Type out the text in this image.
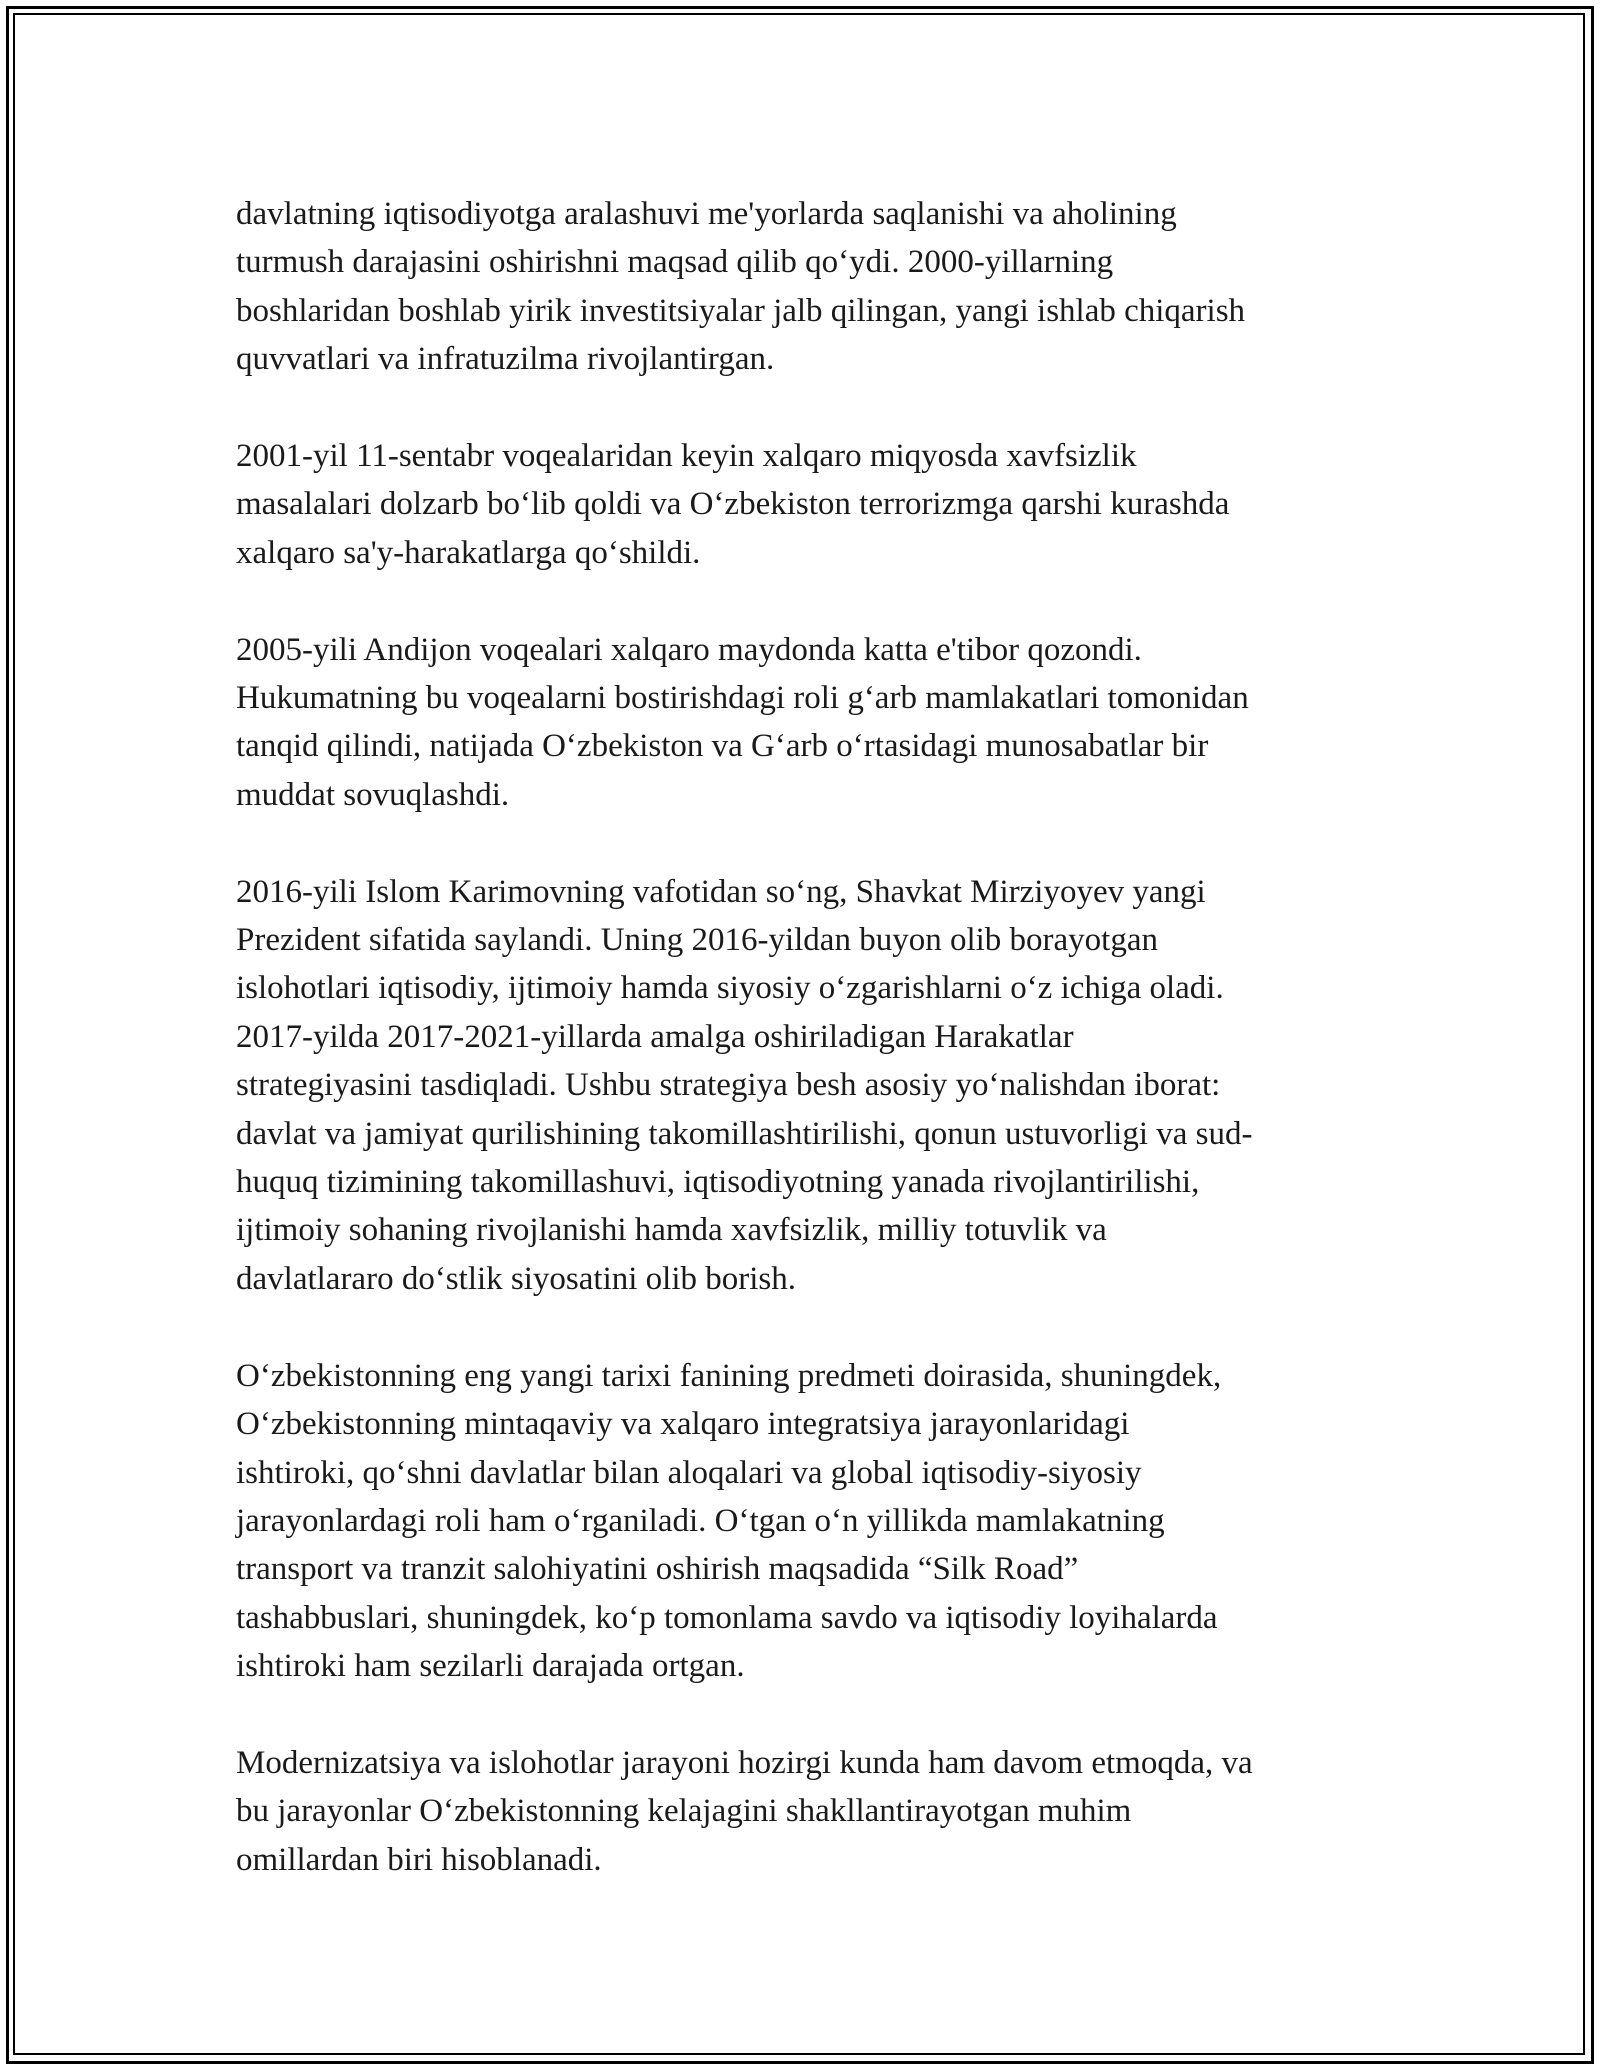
davlatning iqtisodiyotga aralashuvi me'yorlarda saqlanishi va aholining
turmush darajasini oshirishni maqsad qilib qo‘ydi. 2000-yillarning
boshlaridan boshlab yirik investitsiyalar jalb qilingan, yangi ishlab chiqarish
quvvatlari va infratuzilma rivojlantirgan.

2001-yil 11-sentabr voqealaridan keyin xalqaro miqyosda xavfsizlik
masalalari dolzarb bo‘lib qoldi va O‘zbekiston terrorizmga qarshi kurashda
xalqaro sa'y-harakatlarga qo‘shildi.

2005-yili Andijon voqealari xalqaro maydonda katta e'tibor qozondi.
Hukumatning bu voqealarni bostirishdagi roli g‘arb mamlakatlari tomonidan
tanqid qilindi, natijada O‘zbekiston va G‘arb o‘rtasidagi munosabatlar bir
muddat sovuqlashdi.

2016-yili Islom Karimovning vafotidan so‘ng, Shavkat Mirziyoyev yangi
Prezident sifatida saylandi. Uning 2016-yildan buyon olib borayotgan
islohotlari iqtisodiy, ijtimoiy hamda siyosiy o‘zgarishlarni o‘z ichiga oladi.
2017-yilda 2017-2021-yillarda amalga oshiriladigan Harakatlar
strategiyasini tasdiqladi. Ushbu strategiya besh asosiy yo‘nalishdan iborat:
davlat va jamiyat qurilishining takomillashtirilishi, qonun ustuvorligi va sud-
huquq tizimining takomillashuvi, iqtisodiyotning yanada rivojlantirilishi,
ijtimoiy sohaning rivojlanishi hamda xavfsizlik, milliy totuvlik va
davlatlararo do‘stlik siyosatini olib borish.

O‘zbekistonning eng yangi tarixi fanining predmeti doirasida, shuningdek,
O‘zbekistonning mintaqaviy va xalqaro integratsiya jarayonlaridagi
ishtiroki, qo‘shni davlatlar bilan aloqalari va global iqtisodiy-siyosiy
jarayonlardagi roli ham o‘rganiladi. O‘tgan o‘n yillikda mamlakatning
transport va tranzit salohiyatini oshirish maqsadida “Silk Road”
tashabbuslari, shuningdek, ko‘p tomonlama savdo va iqtisodiy loyihalarda
ishtiroki ham sezilarli darajada ortgan.

Modernizatsiya va islohotlar jarayoni hozirgi kunda ham davom etmoqda, va
bu jarayonlar O‘zbekistonning kelajagini shakllantirayotgan muhim
omillardan biri hisoblanadi.
